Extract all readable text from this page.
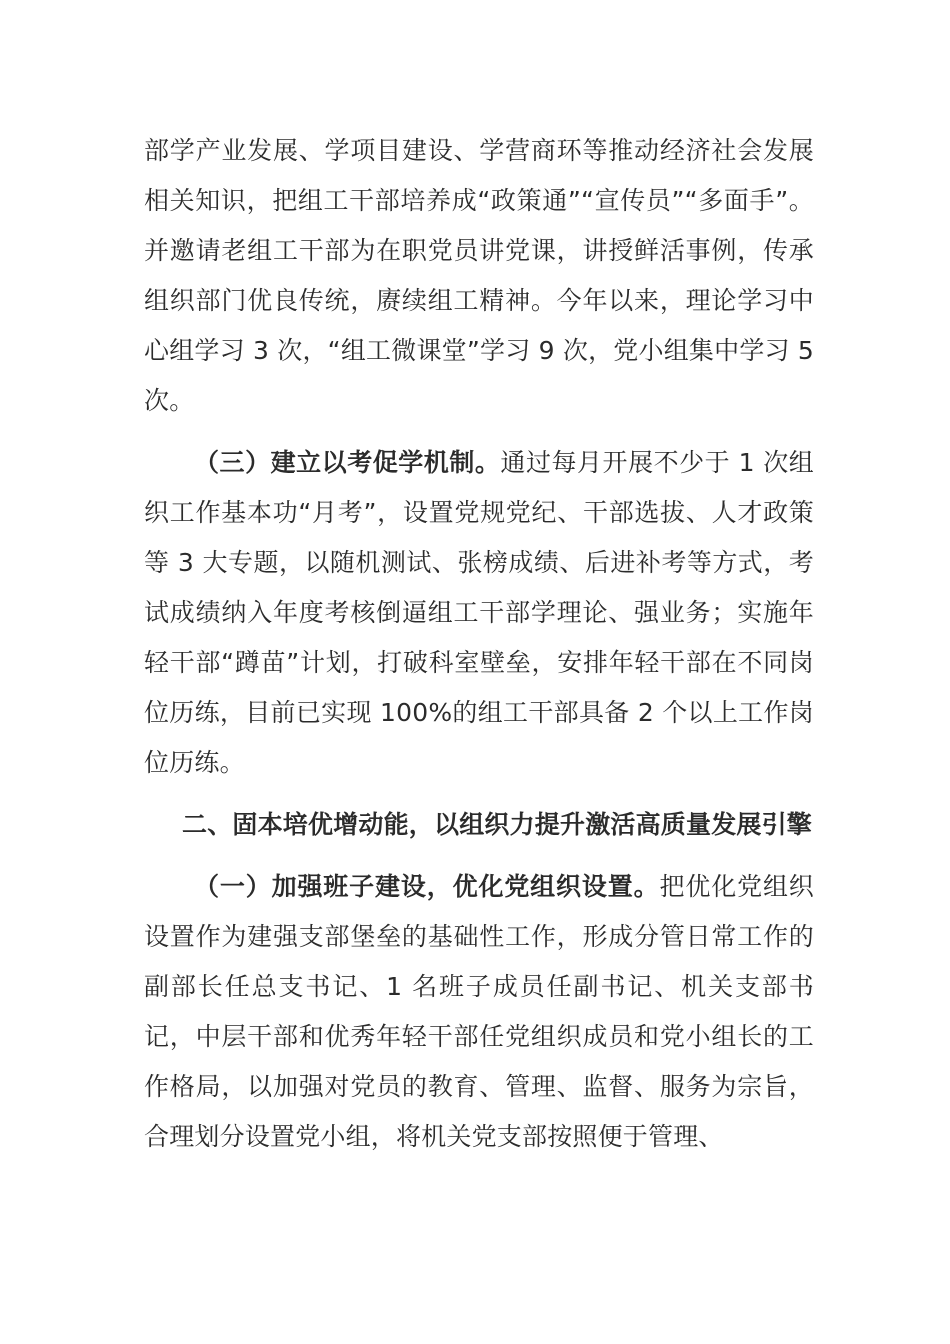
部学产业发展、学项目建设、学营商环等推动经济社会发展相关知识，把组工干部培养成“政策通”“宣传员”“多面手”。并邀请老组工干部为在职党员讲党课，讲授鲜活事例，传承组织部门优良传统，赓续组工精神。今年以来，理论学习中心组学习 3 次，“组工微课堂”学习 9 次，党小组集中学习 5 次。

（三）建立以考促学机制。通过每月开展不少于 1 次组织工作基本功“月考”，设置党规党纪、干部选拔、人才政策等 3 大专题，以随机测试、张榜成绩、后进补考等方式，考试成绩纳入年度考核倒逼组工干部学理论、强业务；实施年轻干部“蹲苗”计划，打破科室壁垒，安排年轻干部在不同岗位历练，目前已实现 100%的组工干部具备 2 个以上工作岗位历练。

二、固本培优增动能，以组织力提升激活高质量发展引擎

（一）加强班子建设，优化党组织设置。把优化党组织设置作为建强支部堡垒的基础性工作，形成分管日常工作的副部长任总支书记、1 名班子成员任副书记、机关支部书记，中层干部和优秀年轻干部任党组织成员和党小组长的工作格局，以加强对党员的教育、管理、监督、服务为宗旨，合理划分设置党小组，将机关党支部按照便于管理、
